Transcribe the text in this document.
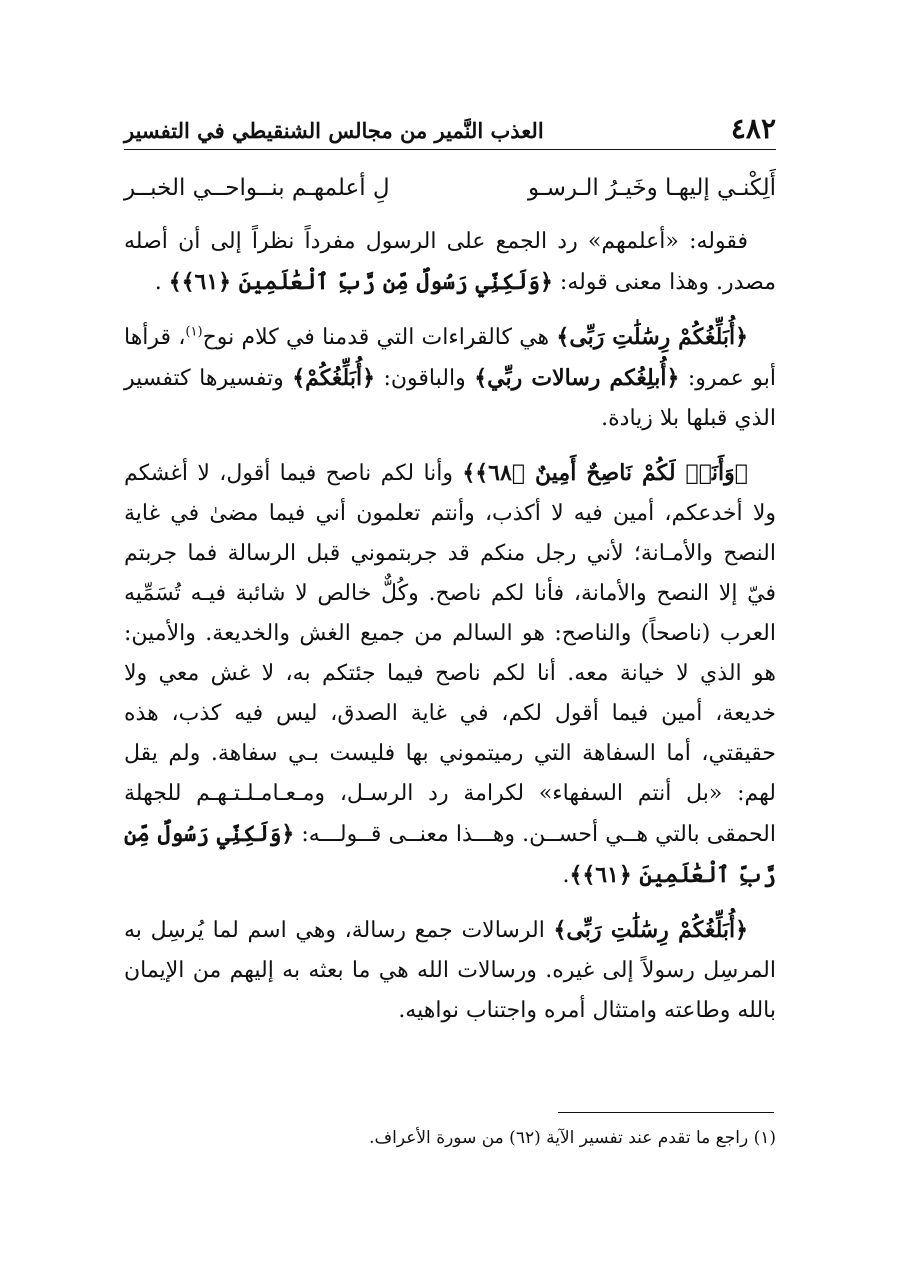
٤٨٢
العذب النَّمير من مجالس الشنقيطي في التفسير
أَلِكْنـي إليهـا وخَيـرُ الـرسـو
لِ أعلمهـم بنــواحــي الخبــر

فقوله: «أعلمهم» رد الجمع على الرسول مفرداً نظراً إلى أن أصله مصدر. وهذا معنى قوله: ﴿وَلَكِنِّي رَسُولٌ مِّن رَّبِّ ٱلْعَٰلَمِينَ ﴿٦١﴾﴾ .

﴿أُبَلِّغُكُمْ رِسَٰلَٰتِ رَبِّى﴾ هي كالقراءات التي قدمنا في كلام نوح$^{(١)}$، قرأها أبو عمرو: ﴿أُبلِغُكم رسالات ربِّي﴾ والباقون: ﴿أُبَلِّغُكُمْ﴾ وتفسيرها كتفسير الذي قبلها بلا زيادة.

﴿وَأَنَا۠ لَكُمْ نَاصِحٌ أَمِينٌ ﴿٦٨﴾﴾ وأنا لكم ناصح فيما أقول، لا أغشكم ولا أخدعكم، أمين فيه لا أكذب، وأنتم تعلمون أني فيما مضىٰ في غاية النصح والأمـانة؛ لأني رجل منكم قد جربتموني قبل الرسالة فما جربتم فيّ إلا النصح والأمانة، فأنا لكم ناصح. وكُلٌّ خالص لا شائبة فيـه تُسَمِّيه العرب (ناصحاً) والناصح: هو السالم من جميع الغش والخديعة. والأمين: هو الذي لا خيانة معه. أنا لكم ناصح فيما جئتكم به، لا غش معي ولا خديعة، أمين فيما أقول لكم، في غاية الصدق، ليس فيه كذب، هذه حقيقتي، أما السفاهة التي رميتموني بها فليست بـي سفاهة. ولم يقل لهم: «بل أنتم السفهاء» لكرامة رد الرسـل، ومـعـامـلـتـهـم للجهلة الحمقى بالتي هــي أحســن. وهـــذا معنــى قــولـــه: ﴿وَلَكِنِّي رَسُولٌ مِّن رَّبِّ ٱلْعَٰلَمِينَ ﴿٦١﴾﴾.

﴿أُبَلِّغُكُمْ رِسَٰلَٰتِ رَبِّى﴾ الرسالات جمع رسالة، وهي اسم لما يُرسِل به المرسِل رسولاً إلى غيره. ورسالات الله هي ما بعثه به إليهم من الإيمان بالله وطاعته وامتثال أمره واجتناب نواهيه.

(١) راجع ما تقدم عند تفسير الآية (٦٢) من سورة الأعراف.
